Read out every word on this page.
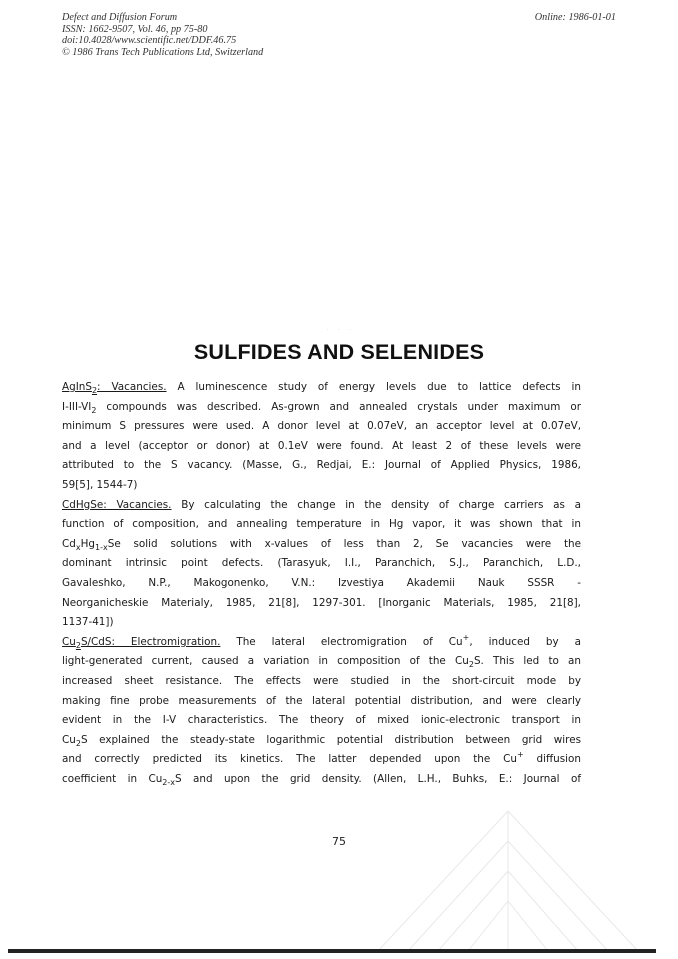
Defect and Diffusion Forum
ISSN: 1662-9507, Vol. 46, pp 75-80
doi:10.4028/www.scientific.net/DDF.46.75
© 1986 Trans Tech Publications Ltd, Switzerland
Online: 1986-01-01
· · ·
SULFIDES AND SELENIDES
AgInS$_2$: Vacancies. A luminescence study of energy levels due to lattice defects in
$I-III-VI_2$ compounds was described. As-grown and annealed crystals under maximum or
minimum S pressures were used. A donor level at 0.07eV, an acceptor level at 0.07eV,
and a level (acceptor or donor) at 0.1eV were found. At least 2 of these levels were
attributed to the S vacancy. (Masse, G., Redjai, E.: Journal of Applied Physics, 1986,
59[5], 1544-7)
CdHgSe: Vacancies. By calculating the change in the density of charge carriers as a
function of composition, and annealing temperature in Hg vapor, it was shown that in
$Cd_xHg_{1-x}Se$ solid solutions with x-values of less than 2, Se vacancies were the
dominant intrinsic point defects. (Tarasyuk, I.I., Paranchich, S.J., Paranchich, L.D.,
Gavaleshko, N.P., Makogonenko, V.N.: Izvestiya Akademii Nauk SSSR -
Neorganicheskie Materialy, 1985, 21[8], 1297-301. [Inorganic Materials, 1985, 21[8],
1137-41])
$Cu_2S$/CdS: Electromigration. The lateral electromigration of Cu+, induced by a
light-generated current, caused a variation in composition of the $Cu_2S$. This led to an
increased sheet resistance. The effects were studied in the short-circuit mode by
making fine probe measurements of the lateral potential distribution, and were clearly
evident in the I-V characteristics. The theory of mixed ionic-electronic transport in
$Cu_2S$ explained the steady-state logarithmic potential distribution between grid wires
and correctly predicted its kinetics. The latter depended upon the Cu+ diffusion
coefficient in $Cu_{2-x}S$ and upon the grid density. (Allen, L.H., Buhks, E.: Journal of
75
